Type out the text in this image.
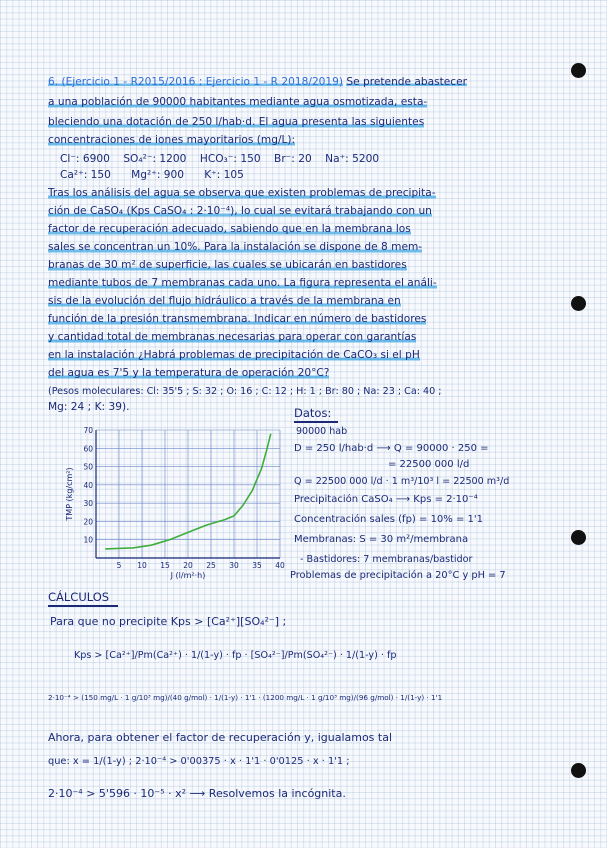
6. (Ejercicio 1 - R2015/2016 ; Ejercicio 1 - R 2018/2019) Se pretende abastecer
a una población de 90000 habitantes mediante agua osmotizada, esta-
bleciendo una dotación de 250 l/hab·d. El agua presenta las siguientes
concentraciones de iones mayoritarios (mg/L):
Cl⁻: 6900 SO₄²⁻: 1200 HCO₃⁻: 150 Br⁻: 20 Na⁺: 5200
Ca²⁺: 150 Mg²⁺: 900 K⁺: 105
Tras los análisis del agua se observa que existen problemas de precipita-
ción de CaSO₄ (Kps CaSO₄ : 2·10⁻⁴), lo cual se evitará trabajando con un
factor de recuperación adecuado, sabiendo que en la membrana los
sales se concentran un 10%. Para la instalación se dispone de 8 mem-
branas de 30 m² de superficie, las cuales se ubicarán en bastidores
mediante tubos de 7 membranas cada uno. La figura representa el análi-
sis de la evolución del flujo hidráulico a través de la membrana en
función de la presión transmembrana. Indicar en número de bastidores
y cantidad total de membranas necesarias para operar con garantías
en la instalación ¿Habrá problemas de precipitación de CaCO₃ si el pH
del agua es 7'5 y la temperatura de operación 20°C?
(Pesos moleculares: Cl: 35'5 ; S: 32 ; O: 16 ; C: 12 ; H: 1 ; Br: 80 ; Na: 23 ; Ca: 40 ;
Mg: 24 ; K: 39).
5 10 15 20 25 30 35 40
10
20
30
40
50
60
70
J (l/m²·h)
TMP (kg/cm²)
Datos:
90000 hab
D = 250 l/hab·d ⟶ Q = 90000 · 250 =
= 22500 000 l/d
Q = 22500 000 l/d · 1 m³/10³ l = 22500 m³/d
Precipitación CaSO₄ ⟶ Kps = 2·10⁻⁴
Concentración sales (fp) = 10% = 1'1
Membranas: S = 30 m²/membrana
- Bastidores: 7 membranas/bastidor
Problemas de precipitación a 20°C y pH = 7
CÁLCULOS
Para que no precipite Kps > [Ca²⁺][SO₄²⁻] ;
Kps > [Ca²⁺]/Pm(Ca²⁺) · 1/(1-y) · fp · [SO₄²⁻]/Pm(SO₄²⁻) · 1/(1-y) · fp
2·10⁻⁴ > (150 mg/L · 1 g/10³ mg)/(40 g/mol) · 1/(1-y) · 1'1 · (1200 mg/L · 1 g/10³ mg)/(96 g/mol) · 1/(1-y) · 1'1
Ahora, para obtener el factor de recuperación y, igualamos tal
que: x = 1/(1-y) ; 2·10⁻⁴ > 0'00375 · x · 1'1 · 0'0125 · x · 1'1 ;
2·10⁻⁴ > 5'596 · 10⁻⁵ · x² ⟶ Resolvemos la incógnita.
